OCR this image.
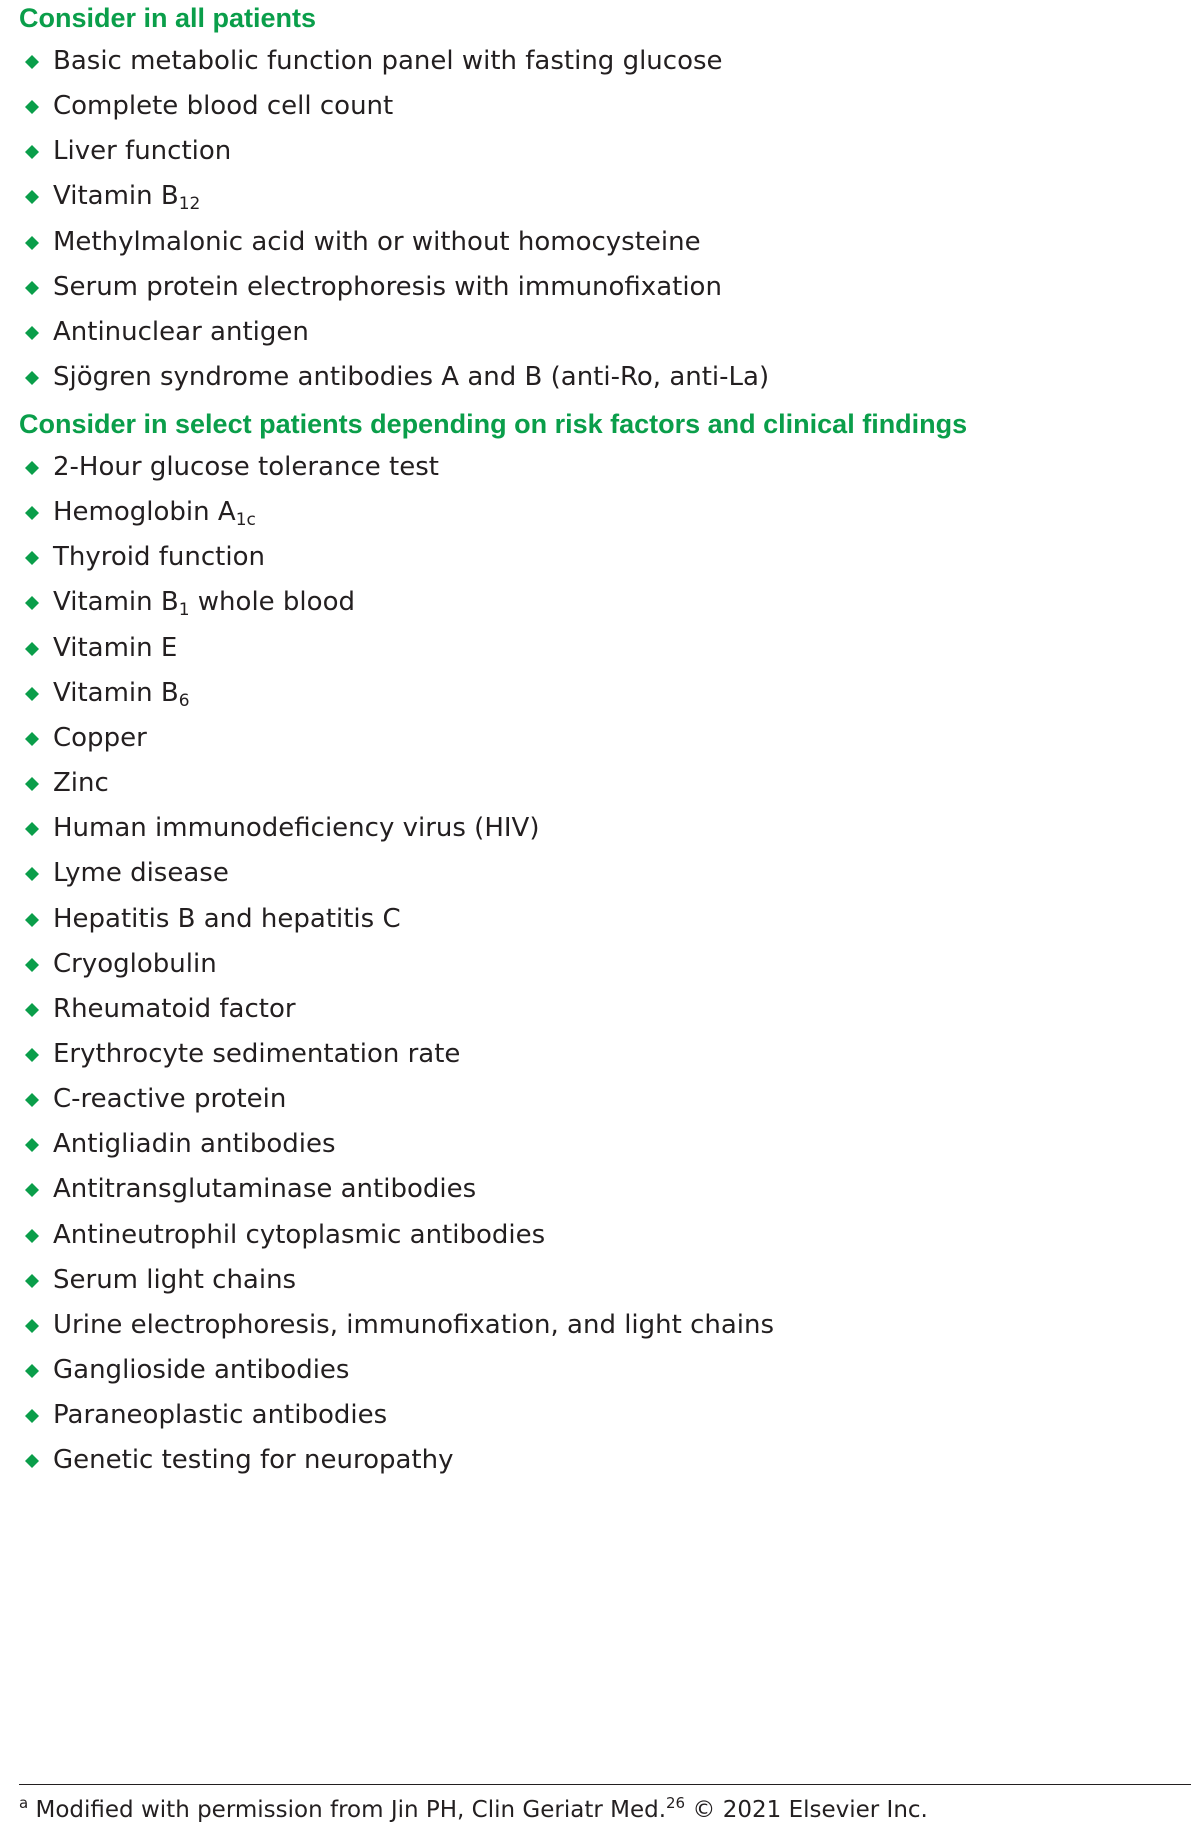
Consider in all patients
Basic metabolic function panel with fasting glucose
Complete blood cell count
Liver function
Vitamin $B_{12}$
Methylmalonic acid with or without homocysteine
Serum protein electrophoresis with immunofixation
Antinuclear antigen
Sjögren syndrome antibodies A and B (anti-Ro, anti-La)
Consider in select patients depending on risk factors and clinical findings
2-Hour glucose tolerance test
Hemoglobin $A_{1c}$
Thyroid function
Vitamin $B_1$ whole blood
Vitamin E
Vitamin $B_6$
Copper
Zinc
Human immunodeficiency virus (HIV)
Lyme disease
Hepatitis B and hepatitis C
Cryoglobulin
Rheumatoid factor
Erythrocyte sedimentation rate
C-reactive protein
Antigliadin antibodies
Antitransglutaminase antibodies
Antineutrophil cytoplasmic antibodies
Serum light chains
Urine electrophoresis, immunofixation, and light chains
Ganglioside antibodies
Paraneoplastic antibodies
Genetic testing for neuropathy
$^a$ Modified with permission from Jin PH, Clin Geriatr Med.$^{26}$ © 2021 Elsevier Inc.
